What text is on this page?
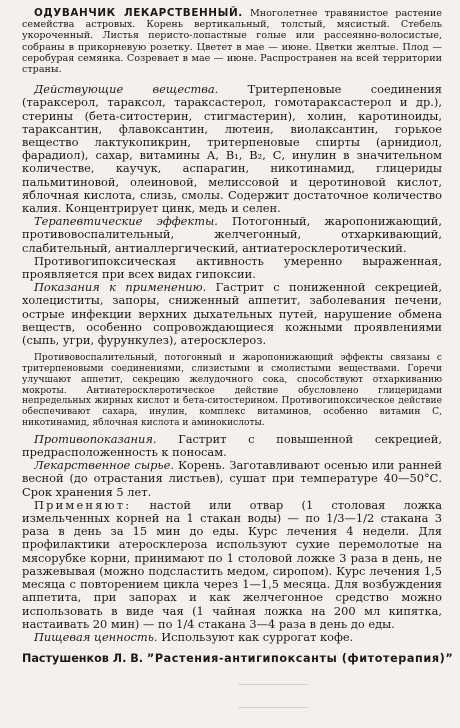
ОДУВАНЧИК ЛЕКАРСТВЕННЫЙ. Многолетнее травянистое растение семейства астровых. Корень вертикальный, толстый, мясистый. Стебель укороченный. Листья перисто-лопастные голые или рассеянно-волосистые, собраны в прикорневую розетку. Цветет в мае — июне. Цветки желтые. Плод — серобурая семянка. Созревает в мае — июне. Распространен на всей территории страны.

Действующие вещества.	Тритерпеновые соединения (тараксерол, тараксол, тараксастерол, гомотараксастерол и др.), стерины (бета-ситостерин, стигмастерин), холин, каротиноиды, тараксантин, флавоксантин, лютеин, виолаксантин, горькое вещество лактукопикрин, тритерпеновые спирты (арнидиол, фарадиол), сахар, витамины А, В₁, В₂, С, инулин в значительном количестве, каучук, аспарагин, никотинамид, глицериды пальмитиновой, олеиновой, мелиссовой и церотиновой кислот, яблочная кислота, слизь, смолы. Содержит достаточное количество калия. Концентрирует цинк, медь и селен.

Терапевтические эффекты. Потогонный, жаропонижающий, противовоспалительный, желчегонный, отхаркивающий, слабительный, антиаллергический, антиатеросклеротический.

Противогипоксическая активность умеренно выраженная, проявляется при всех видах гипоксии.

Показания к применению. Гастрит с пониженной секрецией, холециститы, запоры, сниженный аппетит, заболевания печени, острые инфекции верхних дыхательных путей, нарушение обмена веществ, особенно сопровождающиеся кожными проявлениями (сыпь, угри, фурункулез), атеросклероз.

Противовоспалительный, потогонный и жаропонижающий эффекты связаны с тритерпеновыми соединениями, слизистыми и смолистыми веществами. Горечи улучшают аппетит, секрецию желудочного сока, способствуют отхаркиванию мокроты. Антиатеросклеротическое действие обусловлено глицеридами непредельных жирных кислот и бета-ситостерином. Противогипоксическое действие обеспечивают сахара, инулин, комплекс витаминов, особенно витамин С, никотинамид, яблочная кислота и аминокислоты.

Противопоказания. Гастрит с повышенной секрецией, предрасположенность к поносам.

Лекарственное сырье. Корень. Заготавливают осенью или ранней весной (до отрастания листьев), сушат при температуре 40—50°С. Срок хранения 5 лет.

Применяют: настой или отвар (1 столовая ложка измельченных корней на 1 стакан воды) — по 1/3—1/2 стакана 3 раза в день за 15 мин до еды. Курс лечения 4 недели. Для профилактики атеросклероза используют сухие перемолотые на мясорубке корни, принимают по 1 столовой ложке 3 раза в день, не разжевывая (можно подсластить медом, сиропом). Курс лечения 1,5 месяца с повторением цикла через 1—1,5 месяца. Для возбуждения аппетита, при запорах и как желчегонное средство можно использовать в виде чая (1 чайная ложка на 200 мл кипятка, настаивать 20 мин) — по 1/4 стакана 3—4 раза в день до еды.

Пищевая ценность. Используют как суррогат кофе.

Пастушенков Л. В. ”Растения-антигипоксанты (фитотерапия)”
